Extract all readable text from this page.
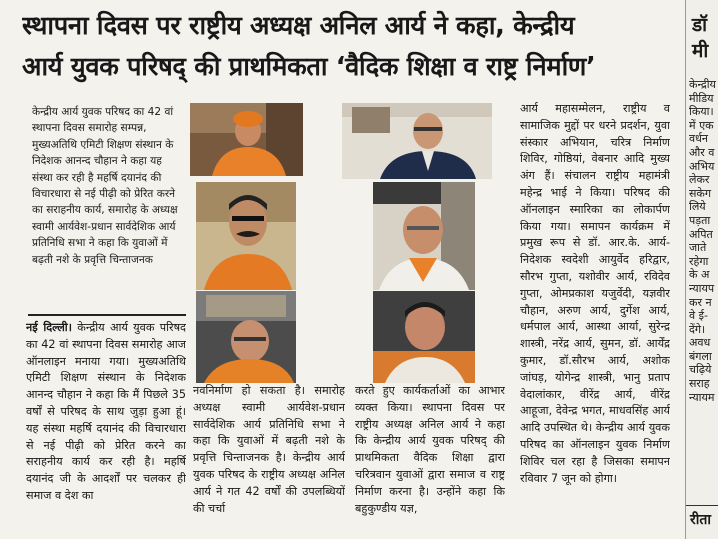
स्थापना दिवस पर राष्ट्रीय अध्यक्ष अनिल आर्य ने कहा, केन्द्रीय
आर्य युवक परिषद् की प्राथमिकता ‘वैदिक शिक्षा व राष्ट्र निर्माण’

केन्द्रीय आर्य युवक परिषद का 42 वां स्थापना दिवस समारोह सम्पन्न, मुख्यअतिथि एमिटी शिक्षण संस्थान के निदेशक आनन्द चौहान ने कहा यह संस्था कर रही है महर्षि दयानंद की विचारधारा से नई पीढ़ी को प्रेरित करने का सराहनीय कार्य, समारोह के अध्यक्ष स्वामी आर्यवेश-प्रधान सार्वदेशिक आर्य प्रतिनिधि सभा ने कहा कि युवाओं में बढ़ती नशे के प्रवृत्ति चिन्ताजनक

नई दिल्ली। केन्द्रीय आर्य युवक परिषद का 42 वां स्थापना दिवस समारोह आज ऑनलाइन मनाया गया। मुख्यअतिथि एमिटी शिक्षण संस्थान के निदेशक आनन्द चौहान ने कहा कि मैं पिछले 35 वर्षों से परिषद के साथ जुड़ा हुआ हूं। यह संस्था महर्षि दयानंद की विचारधारा से नई पीढ़ी को प्रेरित करने का सराहनीय कार्य कर रही है। महर्षि दयानंद जी के आदर्शों पर चलकर ही समाज व देश का

नवनिर्माण हो सकता है। समारोह अध्यक्ष स्वामी आर्यवेश-प्रधान सार्वदेशिक आर्य प्रतिनिधि सभा ने कहा कि युवाओं में बढ़ती नशे के प्रवृत्ति चिन्ताजनक है। केन्द्रीय आर्य युवक परिषद के राष्ट्रीय अध्यक्ष अनिल आर्य ने गत 42 वर्षों की उपलब्धियों की चर्चा

करते हुए कार्यकर्ताओं का आभार व्यक्त किया। स्थापना दिवस पर राष्ट्रीय अध्यक्ष अनिल आर्य ने कहा कि केन्द्रीय आर्य युवक परिषद् की प्राथमिकता वैदिक शिक्षा द्वारा चरित्रवान युवाओं द्वारा समाज व राष्ट्र निर्माण करना है। उन्होंने कहा कि बहुकुण्डीय यज्ञ,

आर्य महासम्मेलन, राष्ट्रीय व सामाजिक मुद्दों पर धरने प्रदर्शन, युवा संस्कार अभियान, चरित्र निर्माण शिविर, गोष्ठियां, वेबनार आदि मुख्य अंग हैं। संचालन राष्ट्रीय महामंत्री महेन्द्र भाई ने किया। परिषद की ऑनलाइन स्मारिका का लोकार्पण किया गया। समापन कार्यक्रम में प्रमुख रूप से डॉ. आर.के. आर्य-निदेशक स्वदेशी आयुर्वेद हरिद्वार, सौरभ गुप्ता, यशोवीर आर्य, रविदेव गुप्ता, ओमप्रकाश यजुर्वेदी, यज्ञवीर चौहान, अरुण आर्य, दुर्गेश आर्य, धर्मपाल आर्य, आस्था आर्या, सुरेन्द्र शास्त्री, नरेंद्र आर्य, सुमन, डॉ. आर्येंद्र कुमार, डॉ.सौरभ आर्य, अशोक जांघड़, योगेन्द्र शास्त्री, भानु प्रताप वेदालांकार, वीरेंद्र आर्य, वीरेंद्र आहूजा, देवेन्द्र भगत, माधवसिंह आर्य आदि उपस्थित थे। केन्द्रीय आर्य युवक परिषद का ऑनलाइन युवक निर्माण शिविर चल रहा है जिसका समापन रविवार 7 जून को होगा।

डॉ
मी
केन्द्रीय
मीडिय
किया।
में एक
वर्धन
और व
अभिय
लेकर
सकेग
लिये
पड़ता
अपित
जाते
रहेगा
के अ
न्यायप
कर न
वे ई-
देंगे।
अवध
बंगला
चढ़िये
सराह
न्यायम
रीता
